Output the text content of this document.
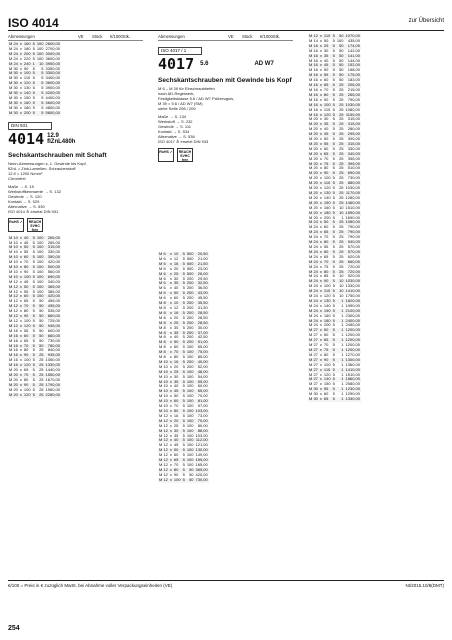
ISO 4014	zur Übersicht
Abmessungen	VE	Stück	€/1000Stk.
M 24	x	160	5	100	2600,00
M 24	x	180	5	100	2700,00
M 24	x	200	5	100	3000,00
M 24	x	220	5	100	3600,00
M 24	x	240	1	10	3950,00
M 30	x	90	5	5	3350,00
M 30	x	100	5	5	3300,00
M 30	x	110	5	5	3400,00
M 30	x	120	5	5	3600,00
M 30	x	130	5	5	3900,00
M 30	x	140	5	5	4200,00
M 30	x	150	5	5	4400,00
M 30	x	160	5	5	4600,00
M 30	x	180	5	5	4800,00
M 30	x	200	5	5	5600,00
DIN 931
4014 12.9
flZnL480h
Sechskantschrauben mit Schaft
Nenn-Abmessungen s. 1. Gewinde bis Kopf,
flZnL = Zink-Lamellen, Schraubenstoff
12.9 = 1200 N/mm²
Chromfrei
Maße → S. 15
Werkstoffkennwerte → S. 132
Gewinde → S. 120
Kontakt → S. 529
Alternative → S. 530
ISO 4014 ≙ ersetzt DIN 931
RoHS ✓	REACH SVHC free
M 10	x	40	5	100	265,00
M 10	x	45	5	100	265,00
M 10	x	50	5	100	315,00
M 10	x	55	5	100	330,00
M 10	x	60	5	100	350,00
M 10	x	70	5	100	420,00
M 10	x	80	5	100	500,00
M 10	x	90	5	100	560,00
M 10	x	100	5	100	690,00
M 12	x	45	5	100	340,00
M 12	x	50	5	100	365,00
M 12	x	55	5	100	385,00
M 12	x	60	5	100	420,00
M 12	x	65	5	50	455,00
M 12	x	70	5	50	495,00
M 12	x	80	5	50	535,00
M 12	x	90	5	50	660,00
M 12	x	100	5	50	725,00
M 12	x	120	5	50	945,00
M 16	x	55	5	50	600,00
M 16	x	60	5	50	660,00
M 16	x	65	5	50	730,00
M 16	x	70	5	50	780,00
M 16	x	80	5	25	840,00
M 16	x	90	5	25	935,00
M 16	x	100	5	25	1050,00
M 16	x	120	5	25	1330,00
M 20	x	65	5	25	1440,00
M 20	x	70	5	25	1550,00
M 20	x	80	5	25	1670,00
M 20	x	90	5	25	1790,00
M 20	x	100	5	25	1960,00
M 20	x	120	5	25	2280,00
Abmessungen	VE	Stück	€/1000Stk.
ISO 4017 / 1
4017 5.6	AD W7
Sechskantschrauben mit Gewinde bis Kopf
M 6 – M 39 für Einschraubtiefen
nach AD-Regelwerk,
Festigkeitsklasse 5.6 / AD W7 Prüfzeugnis,
M 39 = 5.6 / AD W7 (SM)
siehe Seite 208 / 209
Maße → S. 134
Werkstoff → S. 232
Gewinde → S. 111
Kontakt → S. 534
Alternative → S. 536
ISO 4017 ≙ ersetzt DIN 933
RoHS ✓	REACH SVHC free
M 6	x	10	5	500	20,50
M 6	x	12	5	500	21,00
M 6	x	16	5	500	21,50
M 6	x	20	5	500	23,00
M 6	x	25	5	500	26,00
M 6	x	30	5	200	29,50
M 6	x	35	5	200	32,50
M 6	x	40	5	200	36,50
M 6	x	50	5	200	43,00
M 6	x	60	5	200	45,50
M 8	x	10	5	200	35,50
M 8	x	12	5	200	31,50
M 8	x	16	5	200	28,50
M 8	x	20	5	200	28,50
M 8	x	25	5	200	28,50
M 8	x	30	5	200	30,00
M 8	x	35	5	200	37,00
M 8	x	40	5	200	42,50
M 8	x	50	5	200	51,00
M 8	x	60	5	100	65,00
M 8	x	70	5	100	75,00
M 8	x	80	5	100	85,00
M 10	x	16	5	200	40,00
M 10	x	20	5	200	52,00
M 10	x	25	5	100	48,00
M 10	x	30	5	100	54,00
M 10	x	35	5	100	55,00
M 10	x	40	5	100	60,00
M 10	x	45	5	100	65,00
M 10	x	50	5	100	70,00
M 10	x	60	5	100	81,00
M 10	x	70	5	100	97,00
M 10	x	80	5	100	103,00
M 12	x	16	5	100	73,00
M 12	x	20	5	100	70,00
M 12	x	25	5	100	80,00
M 12	x	30	5	100	88,00
M 12	x	35	5	100	103,00
M 12	x	40	5	100	112,00
M 12	x	45	5	100	121,00
M 12	x	50	5	100	130,00
M 12	x	60	5	100	149,00
M 12	x	65	5	100	155,00
M 12	x	70	5	100	165,00
M 12	x	80	5	50	365,00
M 12	x	90	5	50	420,00
M 12	x	100	5	50	730,00
M 12	x	110	5	50	1070,00
M 14	x	50	5	100	435,00
M 16	x	25	5	50	174,00
M 16	x	30	5	50	142,00
M 16	x	35	5	50	141,00
M 16	x	40	5	50	144,00
M 16	x	45	5	50	152,00
M 16	x	50	5	50	158,00
M 16	x	55	5	50	175,00
M 16	x	60	5	50	183,00
M 16	x	65	5	25	206,00
M 16	x	70	5	25	215,00
M 16	x	80	5	25	265,00
M 16	x	90	5	25	790,00
M 16	x	100	5	25	1030,00
M 16	x	110	5	25	1080,00
M 16	x	120	5	25	1150,00
M 20	x	30	5	25	315,00
M 20	x	35	5	25	315,00
M 20	x	40	5	25	280,00
M 20	x	45	5	25	295,00
M 20	x	50	5	25	300,00
M 20	x	55	5	25	315,00
M 20	x	60	5	25	330,00
M 20	x	65	5	25	340,00
M 20	x	70	5	25	355,00
M 20	x	75	5	25	395,00
M 20	x	80	5	25	510,00
M 20	x	90	5	25	690,00
M 20	x	100	5	25	730,00
M 20	x	110	5	25	880,00
M 20	x	120	5	25	1030,00
M 20	x	130	5	25	1170,00
M 20	x	140	5	25	1280,00
M 20	x	150	5	25	1460,00
M 20	x	160	5	10	1510,00
M 20	x	180	5	10	1590,00
M 20	x	200	5	1	1690,00
M 24	x	50	5	25	1080,00
M 24	x	60	5	25	790,00
M 24	x	65	5	25	790,00
M 24	x	70	5	25	790,00
M 24	x	80	5	25	940,00
M 24	x	55	5	25	570,00
M 24	x	60	5	25	570,00
M 24	x	65	5	25	620,00
M 24	x	70	5	25	660,00
M 24	x	75	5	25	720,00
M 24	x	80	5	25	720,00
M 24	x	85	5	10	920,00
M 24	x	90	5	10	1030,00
M 24	x	100	5	10	1330,00
M 24	x	110	5	10	1410,00
M 24	x	120	5	10	1750,00
M 24	x	130	5	1	1820,00
M 24	x	140	5	1	1990,00
M 24	x	150	5	1	2100,00
M 24	x	160	5	1	2300,00
M 24	x	180	5	1	2400,00
M 24	x	200	5	1	2450,00
M 27	x	50	5	1	1200,00
M 27	x	60	5	1	1200,00
M 27	x	65	5	1	1200,00
M 27	x	70	5	1	1200,00
M 27	x	75	5	1	1200,00
M 27	x	80	5	1	1270,00
M 27	x	90	5	1	1300,00
M 27	x	100	5	1	1360,00
M 27	x	110	5	1	1410,00
M 27	x	120	5	1	1510,00
M 27	x	140	5	1	1860,00
M 27	x	150	5	1	2080,00
M 30	x	55	5	1	1230,00
M 30	x	60	5	1	1290,00
M 30	x	65	5	1	1330,00
€/100 = Preis in € zuzüglich MwSt. bei Abnahme voller Verpackungseinheiten (VE)	NI/2015.10/8(DMT)
254
